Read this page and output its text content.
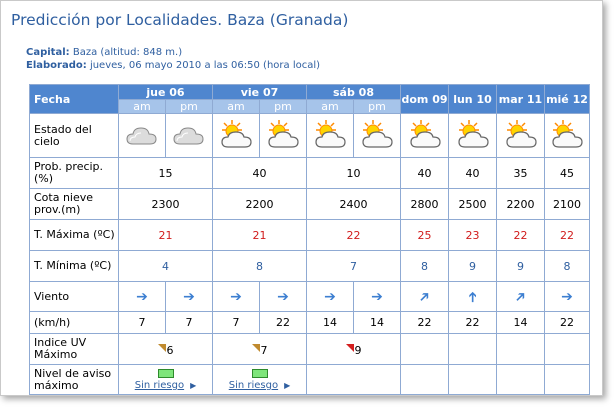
Predicción por Localidades. Baza (Granada)
Capital: Baza (altitud: 848 m.)
Elaborado: jueves, 06 mayo 2010 a las 06:50 (hora local)
Fecha	jue 06		vie 07		sáb 08		dom 09	lun 10	mar 11	mié 12
	am	pm	am	pm	am	pm				
Estado del cielo										
Prob. precip.(%)	15		40		10		40	40	35	45
Cota nieve prov.(m)	2300		2200		2400		2800	2500	2200	2100
T. Máxima (ºC)	21		21		22		25	23	22	22
T. Mínima (ºC)	4		8		7		8	9	9	8
Viento	➔	➔	➔	➔	➔	➔	➔	➔	➔	➔
(km/h)	7	7	7	22	14	14	22	22	14	22
Indice UV Máximo	6		7		9					

Nivel de aviso máximo	Sin riesgo ▶		Sin riesgo ▶							
